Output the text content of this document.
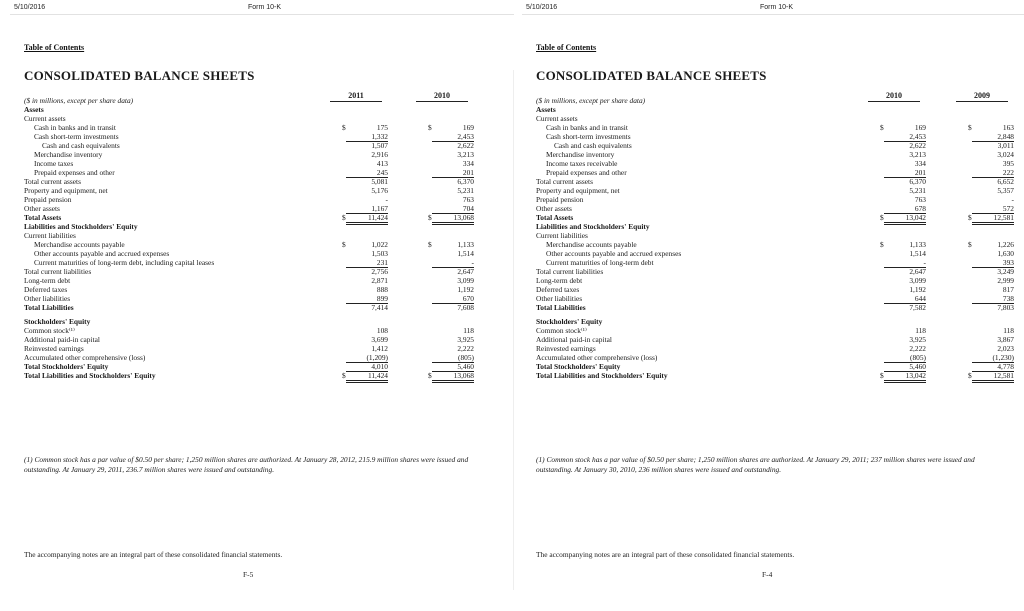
5/10/2016	Form 10-K
Table of Contents
CONSOLIDATED BALANCE SHEETS
2011	2010
($ in millions, except per share data)
Assets
Current assets
Cash in banks and in transit	$	175	$	169
Cash short-term investments	1,332	2,453
Cash and cash equivalents	1,507	2,622
Merchandise inventory	2,916	3,213
Income taxes	413	334
Prepaid expenses and other	245	201
Total current assets	5,081	6,370
Property and equipment, net	5,176	5,231
Prepaid pension	-	763
Other assets	1,167	704
Total Assets	$	11,424	$	13,068
Liabilities and Stockholders' Equity
Current liabilities
Merchandise accounts payable	$	1,022	$	1,133
Other accounts payable and accrued expenses	1,503	1,514
Current maturities of long-term debt, including capital leases	231	-
Total current liabilities	2,756	2,647
Long-term debt	2,871	3,099
Deferred taxes	888	1,192
Other liabilities	899	670
Total Liabilities	7,414	7,608
Stockholders' Equity
Common stock⁽¹⁾	108	118
Additional paid-in capital	3,699	3,925
Reinvested earnings	1,412	2,222
Accumulated other comprehensive (loss)	(1,209)	(805)
Total Stockholders' Equity	4,010	5,460
Total Liabilities and Stockholders' Equity	$	11,424	$	13,068
(1) Common stock has a par value of $0.50 per share; 1,250 million shares are authorized. At January 28, 2012, 215.9 million shares were issued and outstanding. At January 29, 2011, 236.7 million shares were issued and outstanding.
The accompanying notes are an integral part of these consolidated financial statements.
F-5
5/10/2016	Form 10-K
Table of Contents
CONSOLIDATED BALANCE SHEETS
2010	2009
($ in millions, except per share data)
Assets
Current assets
Cash in banks and in transit	$	169	$	163
Cash short-term investments	2,453	2,848
Cash and cash equivalents	2,622	3,011
Merchandise inventory	3,213	3,024
Income taxes receivable	334	395
Prepaid expenses and other	201	222
Total current assets	6,370	6,652
Property and equipment, net	5,231	5,357
Prepaid pension	763	-
Other assets	678	572
Total Assets	$	13,042	$	12,581
Liabilities and Stockholders' Equity
Current liabilities
Merchandise accounts payable	$	1,133	$	1,226
Other accounts payable and accrued expenses	1,514	1,630
Current maturities of long-term debt	-	393
Total current liabilities	2,647	3,249
Long-term debt	3,099	2,999
Deferred taxes	1,192	817
Other liabilities	644	738
Total Liabilities	7,582	7,803
Stockholders' Equity
Common stock⁽¹⁾	118	118
Additional paid-in capital	3,925	3,867
Reinvested earnings	2,222	2,023
Accumulated other comprehensive (loss)	(805)	(1,230)
Total Stockholders' Equity	5,460	4,778
Total Liabilities and Stockholders' Equity	$	13,042	$	12,581
(1) Common stock has a par value of $0.50 per share; 1,250 million shares are authorized. At January 29, 2011; 237 million shares were issued and outstanding. At January 30, 2010, 236 million shares were issued and outstanding.
The accompanying notes are an integral part of these consolidated financial statements.
F-4
